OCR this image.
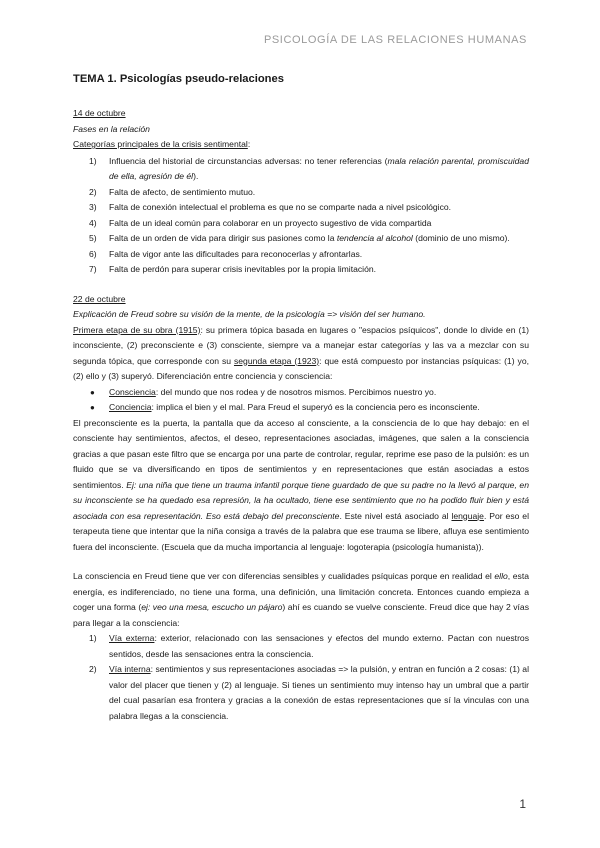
PSICOLOGÍA DE LAS RELACIONES HUMANAS
TEMA 1. Psicologías pseudo-relaciones

14 de octubre

Fases en la relación

Categorías principales de la crisis sentimental:

1) Influencia del historial de circunstancias adversas: no tener referencias (mala relación parental, promiscuidad de ella, agresión de él).
2) Falta de afecto, de sentimiento mutuo.
3) Falta de conexión intelectual el problema es que no se comparte nada a nivel psicológico.
4) Falta de un ideal común para colaborar en un proyecto sugestivo de vida compartida
5) Falta de un orden de vida para dirigir sus pasiones como la tendencia al alcohol (dominio de uno mismo).
6) Falta de vigor ante las dificultades para reconocerlas y afrontarlas.
7) Falta de perdón para superar crisis inevitables por la propia limitación.

22 de octubre

Explicación de Freud sobre su visión de la mente, de la psicología => visión del ser humano.

Primera etapa de su obra (1915): su primera tópica basada en lugares o "espacios psíquicos", donde lo divide en (1) inconsciente, (2) preconsciente e (3) consciente, siempre va a manejar estar categorías y las va a mezclar con su segunda tópica, que corresponde con su segunda etapa (1923): que está compuesto por instancias psíquicas: (1) yo, (2) ello y (3) superyó. Diferenciación entre conciencia y consciencia:

● Consciencia: del mundo que nos rodea y de nosotros mismos. Percibimos nuestro yo.
● Conciencia: implica el bien y el mal. Para Freud el superyó es la conciencia pero es inconsciente.

El preconsciente es la puerta, la pantalla que da acceso al consciente, a la consciencia de lo que hay debajo: en el consciente hay sentimientos, afectos, el deseo, representaciones asociadas, imágenes, que salen a la consciencia gracias a que pasan este filtro que se encarga por una parte de controlar, regular, reprime ese paso de la pulsión: es un fluido que se va diversificando en tipos de sentimientos y en representaciones que están asociadas a estos sentimientos. Ej: una niña que tiene un trauma infantil porque tiene guardado de que su padre no la llevó al parque, en su inconsciente se ha quedado esa represión, la ha ocultado, tiene ese sentimiento que no ha podido fluir bien y está asociada con esa representación. Eso está debajo del preconsciente. Este nivel está asociado al lenguaje. Por eso el terapeuta tiene que intentar que la niña consiga a través de la palabra que ese trauma se libere, afluya ese sentimiento fuera del inconsciente. (Escuela que da mucha importancia al lenguaje: logoterapia (psicología humanista)).

La consciencia en Freud tiene que ver con diferencias sensibles y cualidades psíquicas porque en realidad el ello, esta energía, es indiferenciado, no tiene una forma, una definición, una limitación concreta. Entonces cuando empieza a coger una forma (ej: veo una mesa, escucho un pájaro) ahí es cuando se vuelve consciente. Freud dice que hay 2 vías para llegar a la consciencia:

1) Vía externa: exterior, relacionado con las sensaciones y efectos del mundo externo. Pactan con nuestros sentidos, desde las sensaciones entra la consciencia.
2) Vía interna: sentimientos y sus representaciones asociadas => la pulsión, y entran en función a 2 cosas: (1) al valor del placer que tienen y (2) al lenguaje. Si tienes un sentimiento muy intenso hay un umbral que a partir del cual pasarían esa frontera y gracias a la conexión de estas representaciones que sí la vinculas con una palabra llegas a la consciencia.
1
